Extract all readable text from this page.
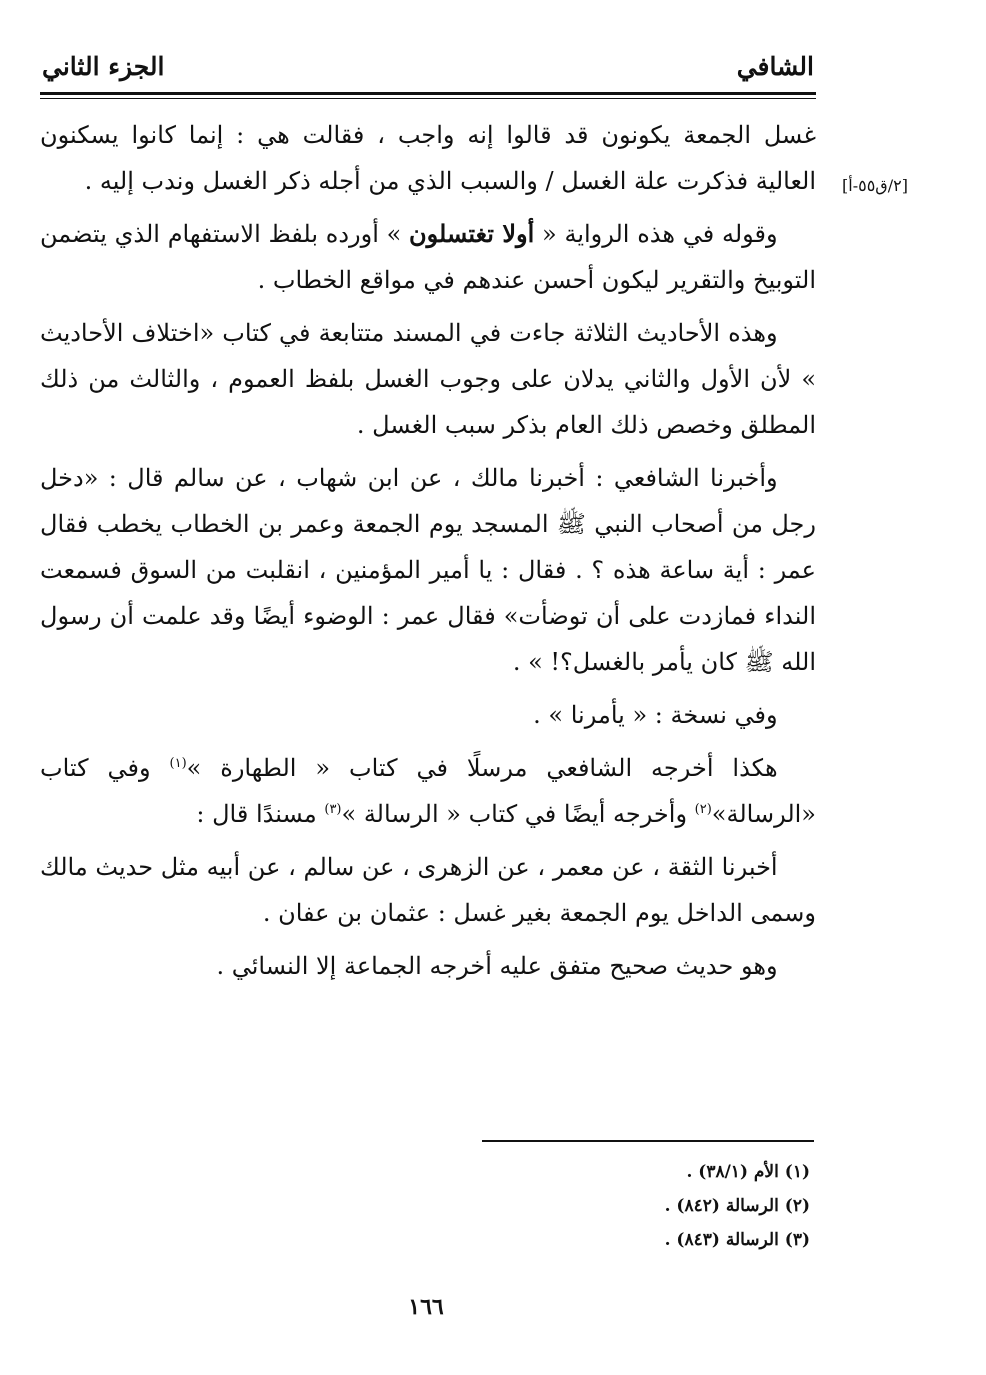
الشافي
الجزء الثاني
[٢/ق٥٥-أ]

غسل الجمعة يكونون قد قالوا إنه واجب ، فقالت هي : إنما كانوا يسكنون العالية فذكرت علة الغسل / والسبب الذي من أجله ذكر الغسل وندب إليه .

وقوله في هذه الرواية « أولا تغتسلون » أورده بلفظ الاستفهام الذي يتضمن التوبيخ والتقرير ليكون أحسن عندهم في مواقع الخطاب .

وهذه الأحاديث الثلاثة جاءت في المسند متتابعة في كتاب «اختلاف الأحاديث » لأن الأول والثاني يدلان على وجوب الغسل بلفظ العموم ، والثالث من ذلك المطلق وخصص ذلك العام بذكر سبب الغسل .

وأخبرنا الشافعي : أخبرنا مالك ، عن ابن شهاب ، عن سالم قال : «دخل رجل من أصحاب النبي ﷺ المسجد يوم الجمعة وعمر بن الخطاب يخطب فقال عمر : أية ساعة هذه ؟ . فقال : يا أمير المؤمنين ، انقلبت من السوق فسمعت النداء فمازدت على أن توضأت» فقال عمر : الوضوء أيضًا وقد علمت أن رسول الله ﷺ كان يأمر بالغسل؟! » .

وفي نسخة : « يأمرنا » .

هكذا أخرجه الشافعي مرسلًا في كتاب « الطهارة »$^{(١)}$ وفي كتاب «الرسالة»$^{(٢)}$ وأخرجه أيضًا في كتاب « الرسالة »$^{(٣)}$ مسندًا قال :

أخبرنا الثقة ، عن معمر ، عن الزهرى ، عن سالم ، عن أبيه مثل حديث مالك وسمى الداخل يوم الجمعة بغير غسل : عثمان بن عفان .

وهو حديث صحيح متفق عليه أخرجه الجماعة إلا النسائي .

(١) الأم (٣٨/١) .
(٢) الرسالة (٨٤٢) .
(٣) الرسالة (٨٤٣) .
١٦٦
